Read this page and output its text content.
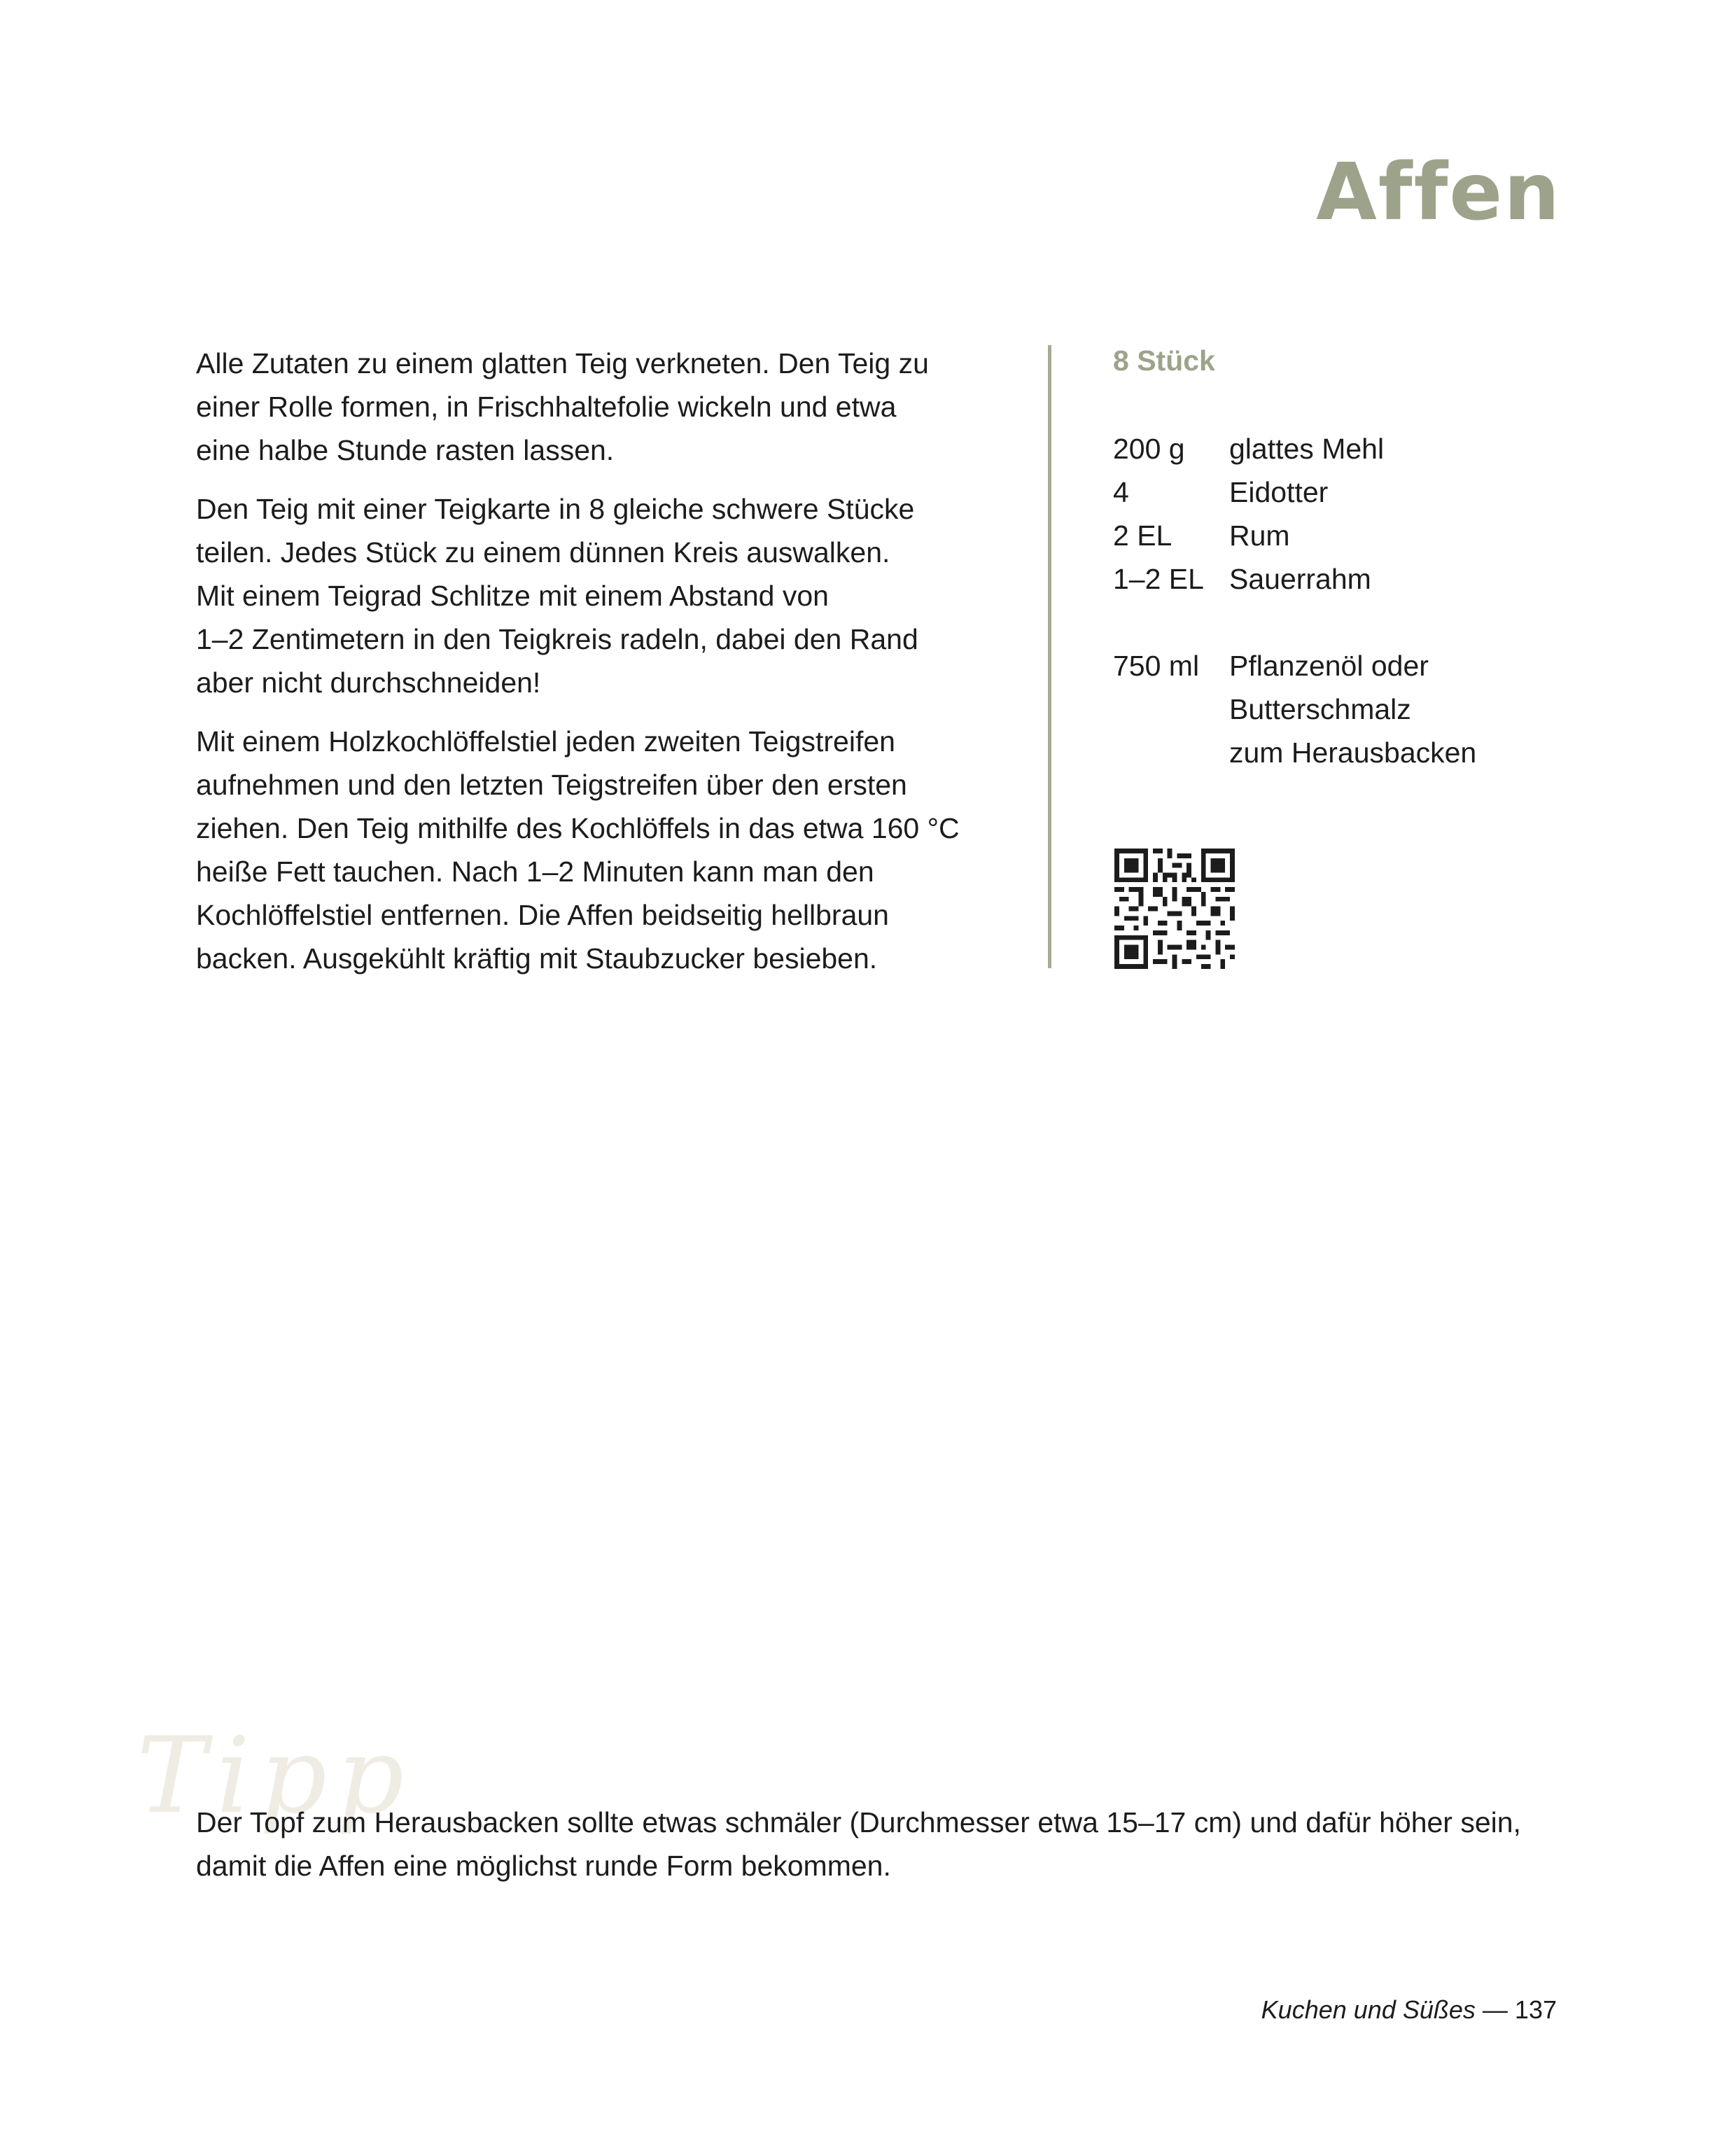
Affen

Alle Zutaten zu einem glatten Teig verkneten. Den Teig zu
einer Rolle formen, in Frischhaltefolie wickeln und etwa
eine halbe Stunde rasten lassen.

Den Teig mit einer Teigkarte in 8 gleiche schwere Stücke
teilen. Jedes Stück zu einem dünnen Kreis auswalken.
Mit einem Teigrad Schlitze mit einem Abstand von
1–2 Zentimetern in den Teigkreis radeln, dabei den Rand
aber nicht durchschneiden!

Mit einem Holzkochlöffelstiel jeden zweiten Teigstreifen
aufnehmen und den letzten Teigstreifen über den ersten
ziehen. Den Teig mithilfe des Kochlöffels in das etwa 160 °C
heiße Fett tauchen. Nach 1–2 Minuten kann man den
Kochlöffelstiel entfernen. Die Affen beidseitig hellbraun
backen. Ausgekühlt kräftig mit Staubzucker besieben.

8 Stück
200 g	glattes Mehl
4	Eidotter
2 EL	Rum
1–2 EL Sauerrahm
750 ml	Pflanzenöl oder
Butterschmalz
zum Herausbacken
Tipp

Der Topf zum Herausbacken sollte etwas schmäler (Durchmesser etwa 15–17 cm) und dafür höher sein,
damit die Affen eine möglichst runde Form bekommen.

Kuchen und Süßes — 137
